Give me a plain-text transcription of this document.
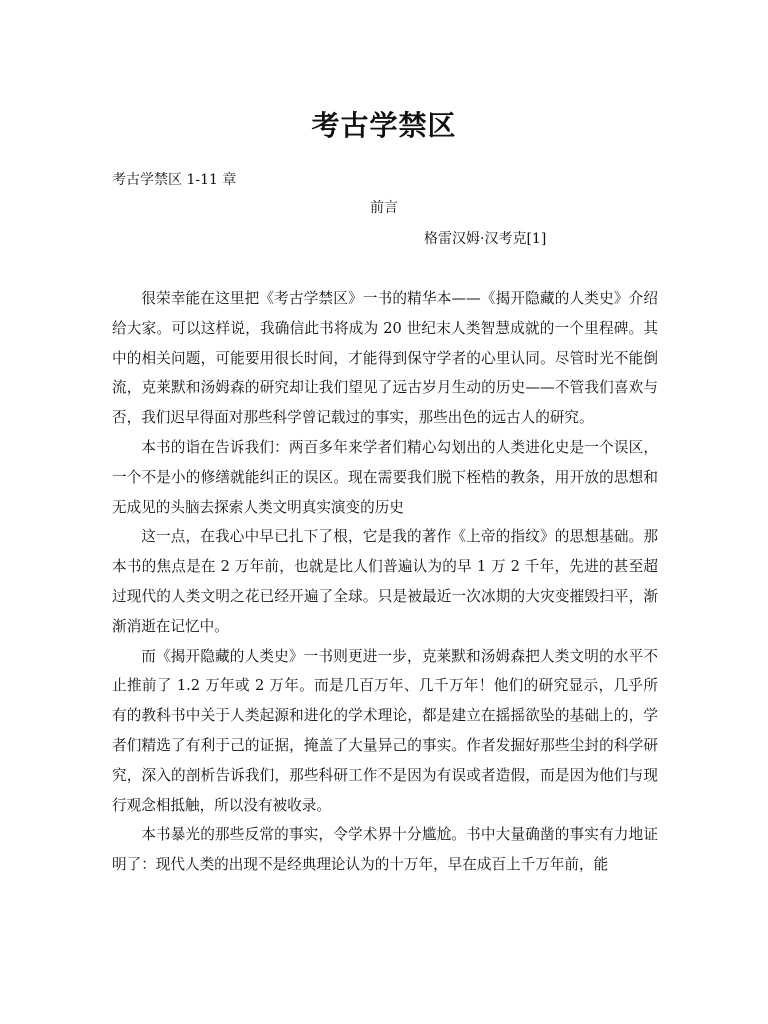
考古学禁区
考古学禁区 1-11 章
前言
格雷汉姆·汉考克[1]

很荣幸能在这里把《考古学禁区》一书的精华本——《揭开隐藏的人类史》介绍给大家。可以这样说，我确信此书将成为 20 世纪末人类智慧成就的一个里程碑。其中的相关问题，可能要用很长时间，才能得到保守学者的心里认同。尽管时光不能倒流，克莱默和汤姆森的研究却让我们望见了远古岁月生动的历史——不管我们喜欢与否，我们迟早得面对那些科学曾记载过的事实，那些出色的远古人的研究。

本书的诣在告诉我们：两百多年来学者们精心勾划出的人类进化史是一个误区，一个不是小的修缮就能纠正的误区。现在需要我们脱下桎梏的教条，用开放的思想和无成见的头脑去探索人类文明真实演变的历史

这一点，在我心中早已扎下了根，它是我的著作《上帝的指纹》的思想基础。那本书的焦点是在 2 万年前，也就是比人们普遍认为的早 1 万 2 千年，先进的甚至超过现代的人类文明之花已经开遍了全球。只是被最近一次冰期的大灾变摧毁扫平，渐渐消逝在记忆中。

而《揭开隐藏的人类史》一书则更进一步，克莱默和汤姆森把人类文明的水平不止推前了 1.2 万年或 2 万年。而是几百万年、几千万年！他们的研究显示，几乎所有的教科书中关于人类起源和进化的学术理论，都是建立在摇摇欲坠的基础上的，学者们精选了有利于己的证据，掩盖了大量异己的事实。作者发掘好那些尘封的科学研究，深入的剖析告诉我们，那些科研工作不是因为有误或者造假，而是因为他们与现行观念相抵触，所以没有被收录。

本书暴光的那些反常的事实，令学术界十分尴尬。书中大量确凿的事实有力地证明了：现代人类的出现不是经典理论认为的十万年，早在成百上千万年前，能
